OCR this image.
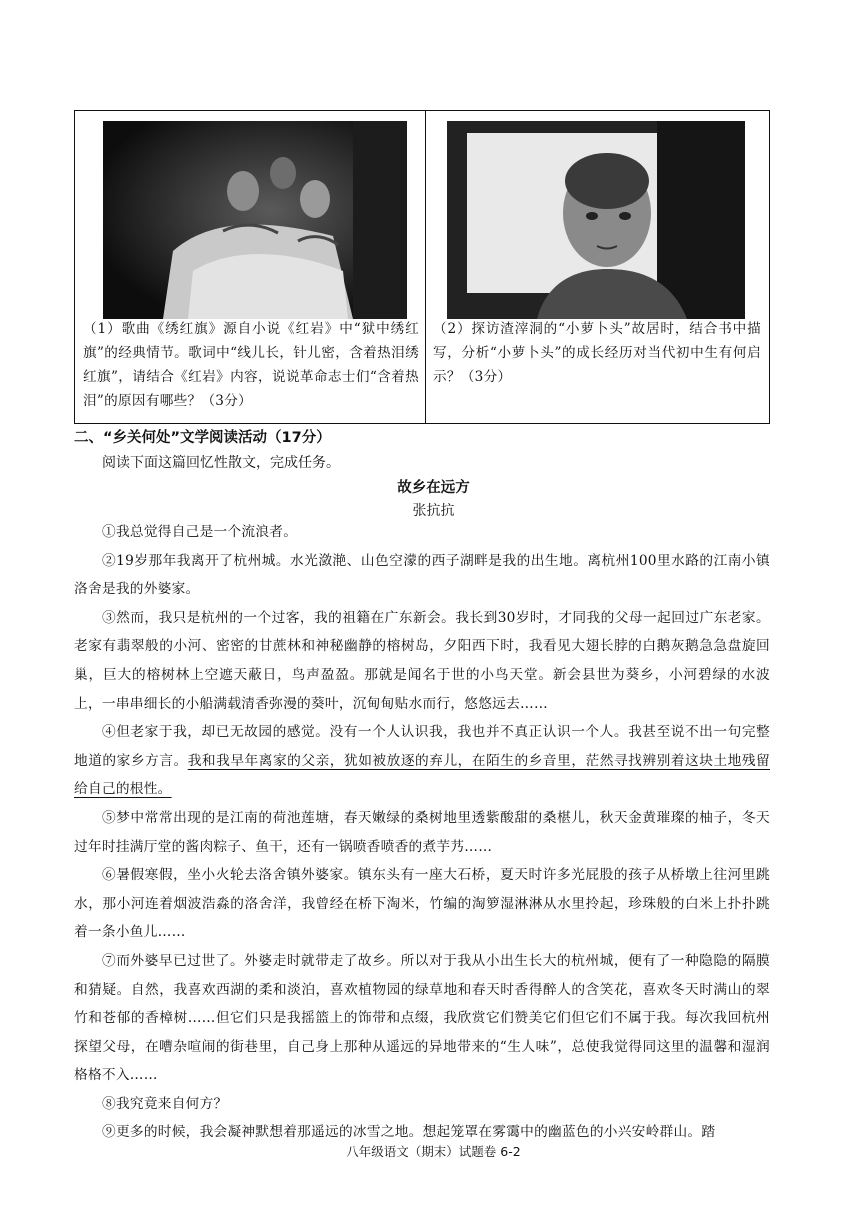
（1）歌曲《绣红旗》源自小说《红岩》中“狱中绣红旗”的经典情节。歌词中“线儿长，针儿密，含着热泪绣红旗”，请结合《红岩》内容，说说革命志士们“含着热泪”的原因有哪些？（3分）

（2）探访渣滓洞的“小萝卜头”故居时，结合书中描写，分析“小萝卜头”的成长经历对当代初中生有何启示？（3分）

二、“乡关何处”文学阅读活动（17分）

阅读下面这篇回忆性散文，完成任务。

故乡在远方

张抗抗

①我总觉得自己是一个流浪者。

②19岁那年我离开了杭州城。水光潋滟、山色空濛的西子湖畔是我的出生地。离杭州100里水路的江南小镇洛舍是我的外婆家。

③然而，我只是杭州的一个过客，我的祖籍在广东新会。我长到30岁时，才同我的父母一起回过广东老家。老家有翡翠般的小河、密密的甘蔗林和神秘幽静的榕树岛，夕阳西下时，我看见大翅长脖的白鹅灰鹅急急盘旋回巢，巨大的榕树林上空遮天蔽日，鸟声盈盈。那就是闻名于世的小鸟天堂。新会县世为葵乡，小河碧绿的水波上，一串串细长的小船满载清香弥漫的葵叶，沉甸甸贴水而行，悠悠远去……

④但老家于我，却已无故园的感觉。没有一个人认识我，我也并不真正认识一个人。我甚至说不出一句完整地道的家乡方言。我和我早年离家的父亲，犹如被放逐的弃儿，在陌生的乡音里，茫然寻找辨别着这块土地残留给自己的根性。

⑤梦中常常出现的是江南的荷池莲塘，春天嫩绿的桑树地里透紫酸甜的桑椹儿，秋天金黄璀璨的柚子，冬天过年时挂满厅堂的酱肉粽子、鱼干，还有一锅喷香喷香的煮芋艿……

⑥暑假寒假，坐小火轮去洛舍镇外婆家。镇东头有一座大石桥，夏天时许多光屁股的孩子从桥墩上往河里跳水，那小河连着烟波浩淼的洛舍洋，我曾经在桥下淘米，竹编的淘箩湿淋淋从水里拎起，珍珠般的白米上扑扑跳着一条小鱼儿……

⑦而外婆早已过世了。外婆走时就带走了故乡。所以对于我从小出生长大的杭州城，便有了一种隐隐的隔膜和猜疑。自然，我喜欢西湖的柔和淡泊，喜欢植物园的绿草地和春天时香得醉人的含笑花，喜欢冬天时满山的翠竹和苍郁的香樟树……但它们只是我摇篮上的饰带和点缀，我欣赏它们赞美它们但它们不属于我。每次我回杭州探望父母，在嘈杂喧闹的街巷里，自己身上那种从遥远的异地带来的“生人味”，总使我觉得同这里的温馨和湿润格格不入……

⑧我究竟来自何方？

⑨更多的时候，我会凝神默想着那遥远的冰雪之地。想起笼罩在雾霭中的幽蓝色的小兴安岭群山。踏

八年级语文（期末）试题卷 6-2
